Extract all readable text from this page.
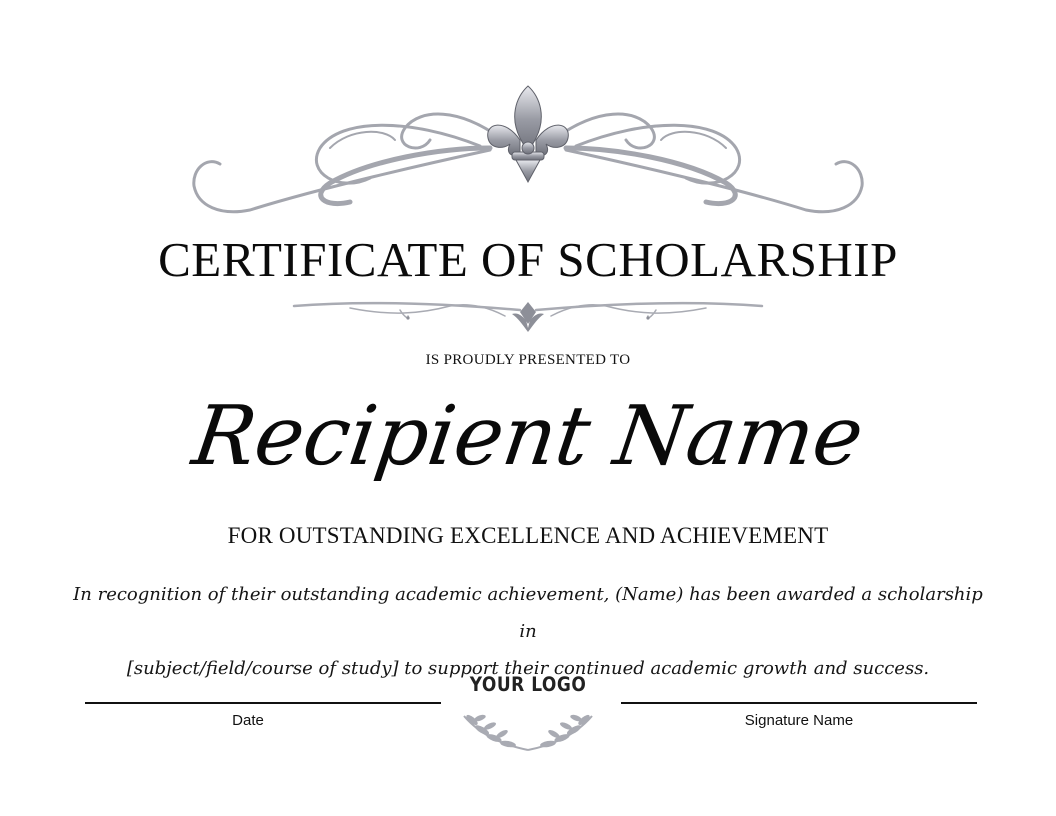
CERTIFICATE OF SCHOLARSHIP
IS PROUDLY PRESENTED TO
Recipient Name
FOR OUTSTANDING EXCELLENCE AND ACHIEVEMENT
In recognition of their outstanding academic achievement, (Name) has been awarded a scholarship in
[subject/field/course of study] to support their continued academic growth and success.
Date	Signature Name
YOUR LOGO
